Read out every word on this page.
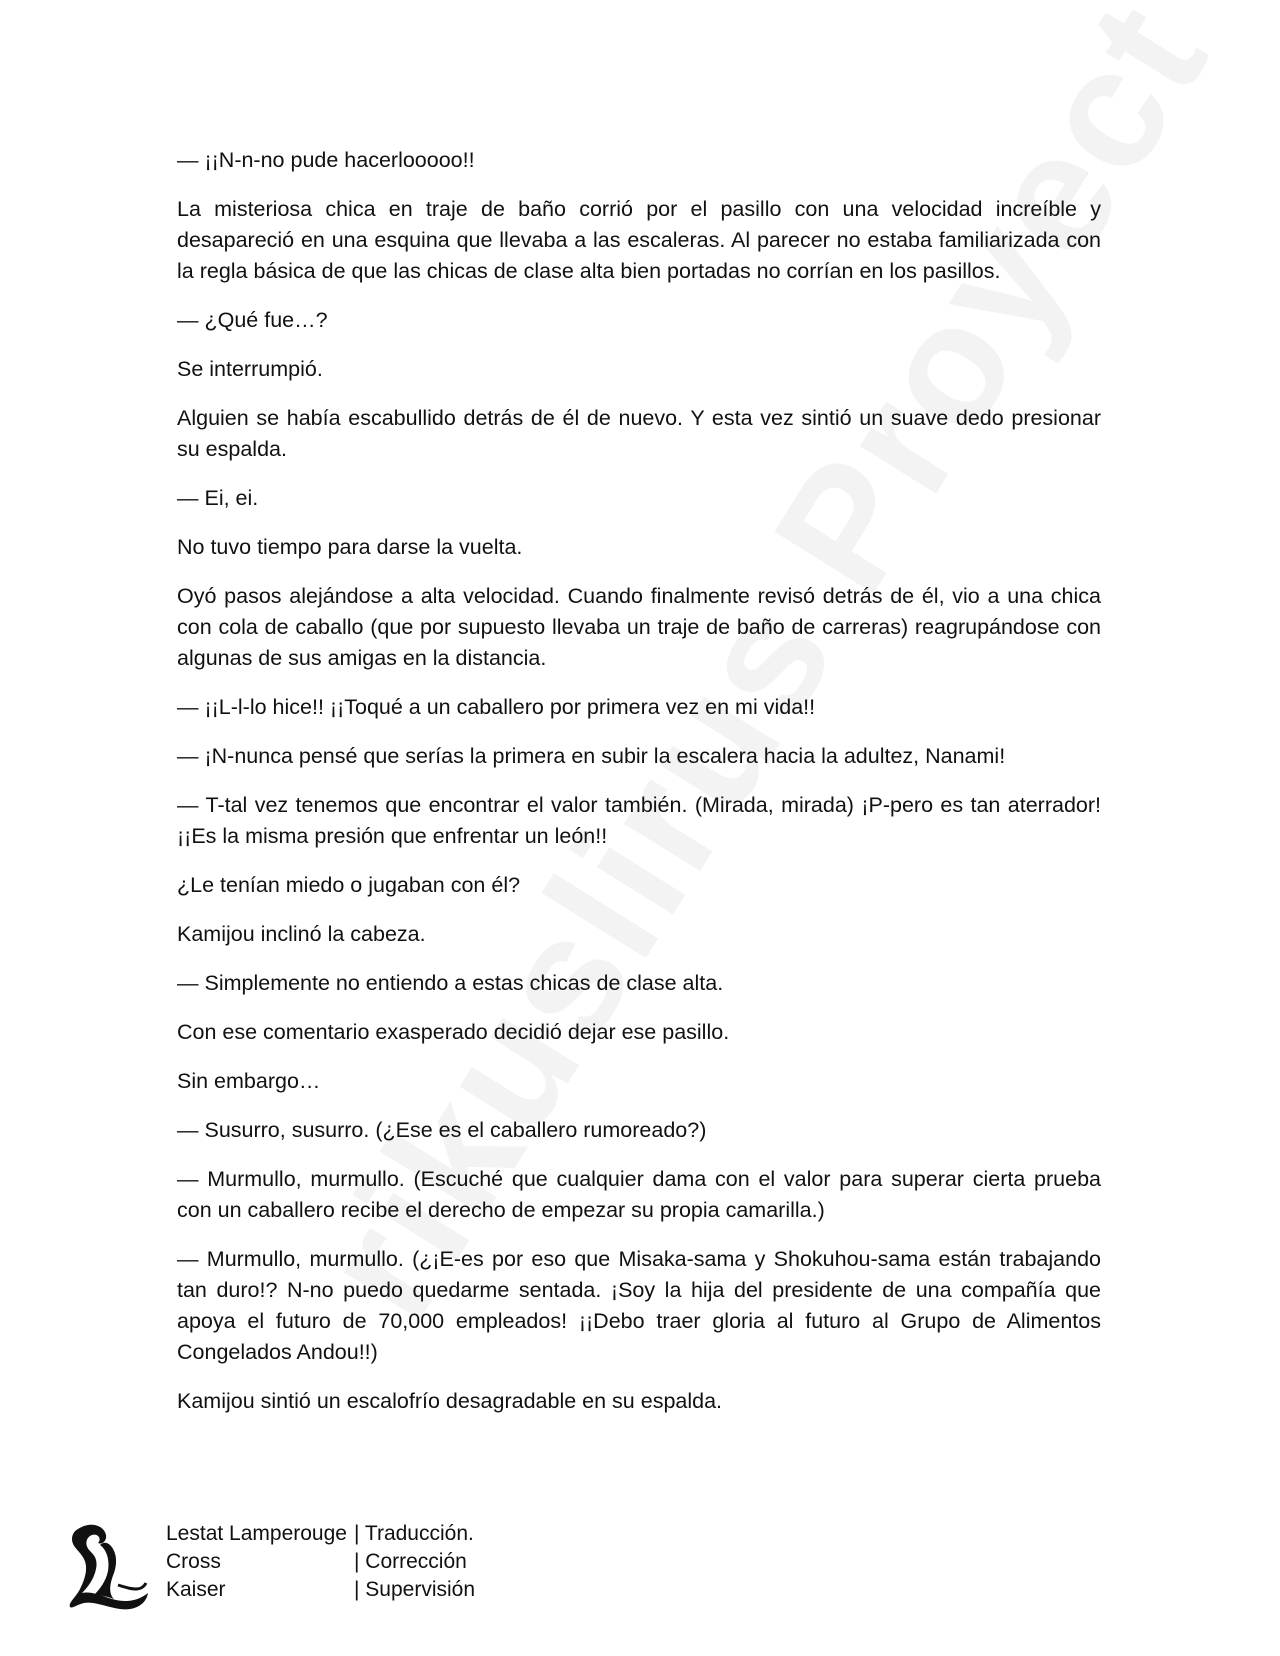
— ¡¡N-n-no pude hacerlooooo!!

La misteriosa chica en traje de baño corrió por el pasillo con una velocidad increíble y desapareció en una esquina que llevaba a las escaleras. Al parecer no estaba familiarizada con la regla básica de que las chicas de clase alta bien portadas no corrían en los pasillos.

— ¿Qué fue…?

Se interrumpió.

Alguien se había escabullido detrás de él de nuevo. Y esta vez sintió un suave dedo presionar su espalda.

— Ei, ei.

No tuvo tiempo para darse la vuelta.

Oyó pasos alejándose a alta velocidad. Cuando finalmente revisó detrás de él, vio a una chica con cola de caballo (que por supuesto llevaba un traje de baño de carreras) reagrupándose con algunas de sus amigas en la distancia.

— ¡¡L-l-lo hice!! ¡¡Toqué a un caballero por primera vez en mi vida!!

— ¡N-nunca pensé que serías la primera en subir la escalera hacia la adultez, Nanami!

— T-tal vez tenemos que encontrar el valor también. (Mirada, mirada) ¡P-pero es tan aterrador! ¡¡Es la misma presión que enfrentar un león!!

¿Le tenían miedo o jugaban con él?

Kamijou inclinó la cabeza.

— Simplemente no entiendo a estas chicas de clase alta.

Con ese comentario exasperado decidió dejar ese pasillo.

Sin embargo…

— Susurro, susurro. (¿Ese es el caballero rumoreado?)

— Murmullo, murmullo. (Escuché que cualquier dama con el valor para superar cierta prueba con un caballero recibe el derecho de empezar su propia camarilla.)

— Murmullo, murmullo. (¿¡E-es por eso que Misaka-sama y Shokuhou-sama están trabajando tan duro!? N-no puedo quedarme sentada. ¡Soy la hija del presidente de una compañía que apoya el futuro de 70,000 empleados! ¡¡Debo traer gloria al futuro al Grupo de Alimentos Congelados Andou!!)

Kamijou sintió un escalofrío desagradable en su espalda.

Lestat Lamperouge | Traducción.
Cross	| Corrección
Kaiser	| Supervisión
